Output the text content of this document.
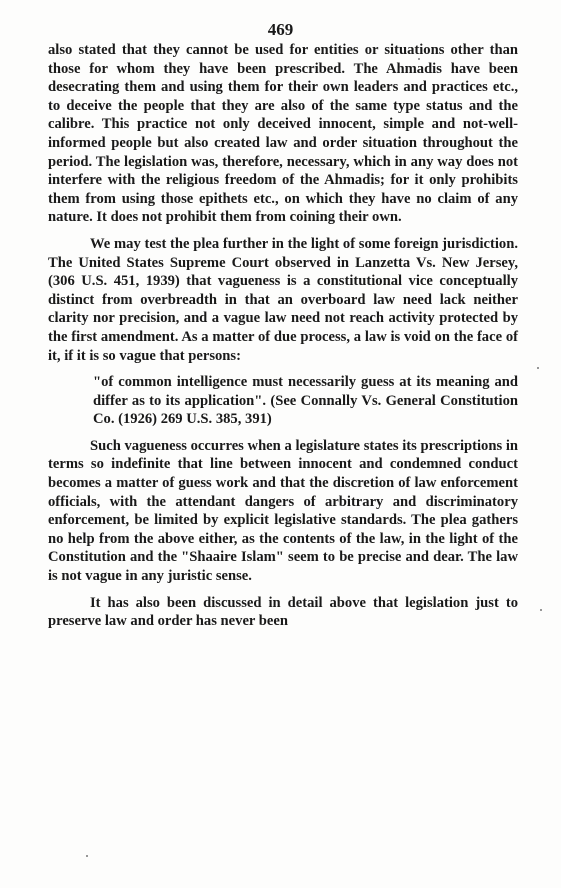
469

also stated that they cannot be used for entities or situations other than those for whom they have been prescribed. The Ahmadis have been desecrating them and using them for their own leaders and practices etc., to deceive the people that they are also of the same type status and the calibre. This practice not only deceived innocent, simple and not-well-informed people but also created law and order situation throughout the period. The legislation was, therefore, necessary, which in any way does not interfere with the religious freedom of the Ahmadis; for it only prohibits them from using those epithets etc., on which they have no claim of any nature. It does not prohibit them from coining their own.

We may test the plea further in the light of some foreign jurisdiction. The United States Supreme Court observed in Lanzetta Vs. New Jersey, (306 U.S. 451, 1939) that vagueness is a constitutional vice conceptually distinct from overbreadth in that an overboard law need lack neither clarity nor precision, and a vague law need not reach activity protected by the first amendment. As a matter of due process, a law is void on the face of it, if it is so vague that persons:

"of common intelligence must necessarily guess at its meaning and differ as to its application". (See Connally Vs. General Constitution Co. (1926) 269 U.S. 385, 391)

Such vagueness occurres when a legislature states its prescriptions in terms so indefinite that line between innocent and condemned conduct becomes a matter of guess work and that the discretion of law enforcement officials, with the attendant dangers of arbitrary and discriminatory enforcement, be limited by explicit legislative standards. The plea gathers no help from the above either, as the contents of the law, in the light of the Constitution and the "Shaaire Islam" seem to be precise and dear. The law is not vague in any juristic sense.

It has also been discussed in detail above that legislation just to preserve law and order has never been
